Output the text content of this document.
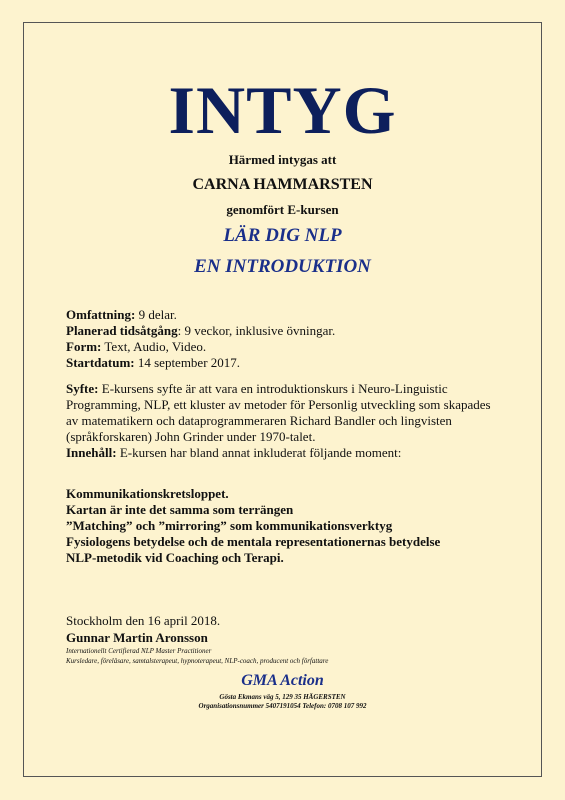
INTYG
Härmed intygas att
CARNA HAMMARSTEN
genomfört E-kursen
LÄR DIG NLP
EN INTRODUKTION
Omfattning: 9 delar.
Planerad tidsåtgång: 9 veckor, inklusive övningar.
Form: Text, Audio, Video.
Startdatum: 14 september 2017.
Syfte: E-kursens syfte är att vara en introduktionskurs i Neuro-Linguistic Programming, NLP, ett kluster av metoder för Personlig utveckling som skapades av matematikern och dataprogrammeraren Richard Bandler och lingvisten (språkforskaren) John Grinder under 1970-talet.
Innehåll: E-kursen har bland annat inkluderat följande moment:
Kommunikationskretsloppet.
Kartan är inte det samma som terrängen
”Matching” och ”mirroring” som kommunikationsverktyg
Fysiologens betydelse och de mentala representationernas betydelse
NLP-metodik vid Coaching och Terapi.
Stockholm den 16 april 2018.
Gunnar Martin Aronsson
Internationellt Certifierad NLP Master Practitioner
Kursledare, föreläsare, samtalsterapeut, hypnoterapeut, NLP-coach, producent och författare
GMA Action
Gösta Ekmans väg 5, 129 35 HÄGERSTEN
Organisationsnummer 5407191054 Telefon: 0708 107 992
